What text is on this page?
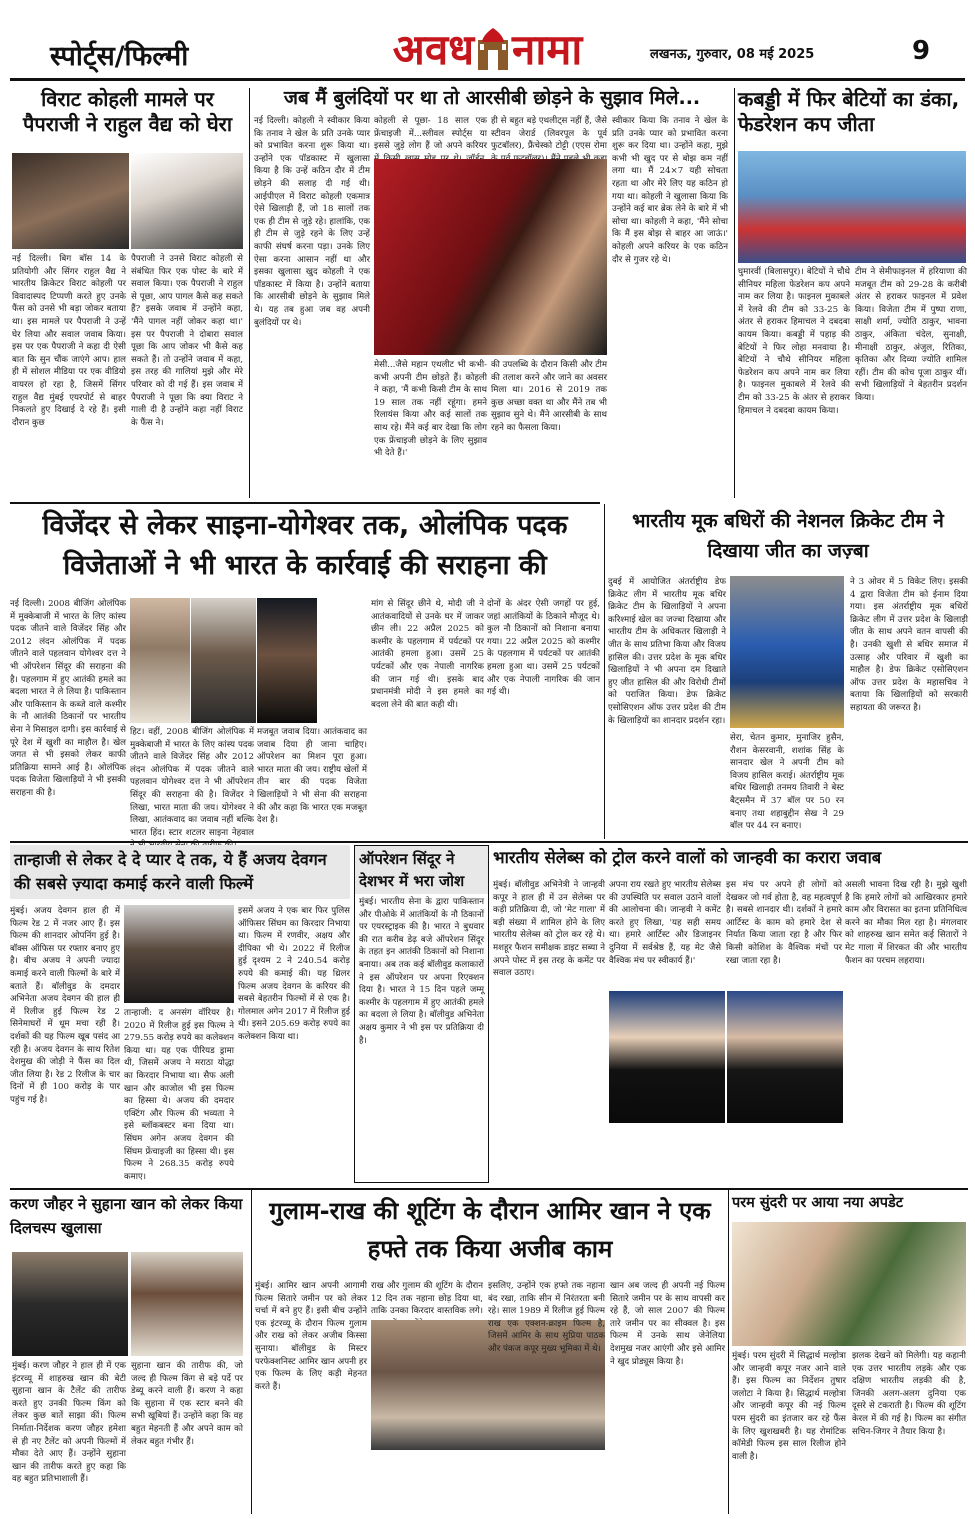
स्पोर्ट्स/फिल्मी	अवध नामा	लखनऊ, गुरुवार, 08 मई 2025	9
विराट कोहली मामले पर पैपराजी ने राहुल वैद्य को घेरा
नई दिल्ली। बिग बॉस 14 के प्रतियोगी और सिंगर राहुल वैद्य ने भारतीय क्रिकेटर विराट कोहली पर विवादास्पद टिप्पणी करते हुए उनके फैंस को उनसे भी बड़ा जोकर बताया था। इस मामले पर पैपराजी ने उन्हें घेर लिया और सवाल जवाब किया। इस पर एक पैपराजी ने कहा दी ऐसी बात कि सुन चौंक जाएंगे आप। हाल ही में सोशल मीडिया पर एक वीडियो वायरल हो रहा है, जिसमें सिंगर राहुल वैद्य मुंबई एयरपोर्ट से बाहर निकलते हुए दिखाई दे रहे हैं। इसी दौरान कुछ
पैपराजी ने उनसे विराट कोहली से संबंधित फिर एक पोस्ट के बारे में सवाल किया। एक पैपराजी ने राहुल से पूछा, आप पागल कैसे कह सकते हैं? इसके जवाब में उन्होंने कहा, 'मैंने पागल नहीं जोकर कहा था।' इस पर पैपराजी ने दोबारा सवाल पूछा कि आप जोकर भी कैसे कह सकते हैं। तो उन्होंने जवाब में कहा, इस तरह की गालियां मुझे और मेरे परिवार को दी गई हैं। इस जवाब में पैपराजी ने पूछा कि क्या विराट ने गाली दी है उन्होंने कहा नहीं विराट के फैंस ने।
जब मैं बुलंदियों पर था तो आरसीबी छोड़ने के सुझाव मिले...
नई दिल्ली। कोहली ने स्वीकार किया कि तनाव ने खेल के प्रति उनके प्यार को प्रभावित करना शुरू किया था। उन्होंने एक पॉडकास्ट में खुलासा किया है कि उन्हें कठिन दौर में टीम छोड़ने की सलाह दी गई थी। आईपीएल में विराट कोहली एकमात्र ऐसे खिलाड़ी हैं, जो 18 सालों तक एक ही टीम से जुड़े रहे। हालांकि, एक ही टीम से जुड़े रहने के लिए उन्हें काफी संघर्ष करना पड़ा। उनके लिए ऐसा करना आसान नहीं था और इसका खुलासा खुद कोहली ने एक पॉडकास्ट में किया है। उन्होंने बताया कि आरसीबी छोड़ने के सुझाव मिले थे। यह तब हुआ जब वह अपनी बुलंदियों पर थे।
कोहली से पूछा- 18 साल एक फ्रेंचाइजी में...स्लीवल स्पोर्ट्स या इससे जुड़े लोग हैं जो अपने करियर
ही से बहुत बड़े एथलीट्स नहीं हैं, जैसे स्टीवन जेरार्ड (लिवरपूल के पूर्व फुटबॉलर), फ्रैंचेस्को टोट्टी (एएस रोमा
मेसी...जैसे महान एथलीट भी कभी-कभी अपनी टीम छोड़ते हैं। कोहली ने कहा, 'मैं कभी किसी टीम के साथ 19 साल तक नहीं रहूंगा। हमने रिलायंस किया और कई सालों तक साथ रहे। मैंने कई बार देखा कि लोग एक फ्रेंचाइजी छोड़ने के लिए सुझाव भी देते हैं।'
की उपलब्धि के दौरान किसी और टीम की तलाश करने और जाने का अवसर मिला था। 2016 से 2019 तक कुछ अच्छा वक्त था और मैंने तब भी सुझाव सुने थे। मैंने आरसीबी के साथ रहने का फैसला किया।
स्वीकार किया कि तनाव ने खेल के प्रति उनके प्यार को प्रभावित करना शुरू कर दिया था। उन्होंने कहा, मुझे कभी भी खुद पर से बोझ कम नहीं लगा था। मैं 24×7 यही सोचता रहता था और मेरे लिए यह कठिन हो गया था। कोहली ने खुलासा किया कि उन्होंने कई बार ब्रेक लेने के बारे में भी सोचा था। कोहली ने कहा, 'मैंने सोचा कि मैं इस बोझ से बाहर आ जाऊं।' कोहली अपने करियर के एक कठिन दौर से गुजर रहे थे।
कबड्डी में फिर बेटियों का डंका, फेडरेशन कप जीता
घुमारवीं (बिलासपुर)। बेटियों ने चौथे सीनियर महिला फेडरेशन कप अपने नाम कर लिया है। फाइनल मुकाबले में रेलवे की टीम को 33-25 के अंतर से हराकर हिमाचल ने दबदबा कायम किया। कबड्डी में पहाड़ की बेटियों ने फिर लोहा मनवाया है। बेटियों ने चौथे सीनियर महिला फेडरेशन कप अपने नाम कर लिया है। फाइनल मुकाबले में रेलवे की टीम को 33-25 के अंतर से हराकर हिमाचल ने दबदबा कायम किया।
टीम ने सेमीफाइनल में हरियाणा की मजबूत टीम को 29-28 के करीबी अंतर से हराकर फाइनल में प्रवेश किया। विजेता टीम में पुष्पा राणा, साक्षी शर्मा, ज्योति ठाकुर, भावना ठाकुर, अंकिता चंदेल, सुनाक्षी, मीनाक्षी ठाकुर, अंजुल, रितिका, कृतिका और दिव्या ज्योति शामिल रहीं। टीम की कोच पूजा ठाकुर थीं। सभी खिलाड़ियों ने बेहतरीन प्रदर्शन किया।
विजेंदर से लेकर साइना-योगेश्वर तक, ओलंपिक पदक विजेताओं ने भी भारत के कार्रवाई की सराहना की
नई दिल्ली। 2008 बीजिंग ओलंपिक में मुक्केबाजी में भारत के लिए कांस्य पदक जीतने वाले विजेंदर सिंह और 2012 लंदन ओलंपिक में पदक जीतने वाले पहलवान योगेश्वर दत्त ने भी ऑपरेशन सिंदूर की सराहना की है। पहलगाम में हुए आतंकी हमले का बदला भारत ने ले लिया है। पाकिस्तान और पाकिस्तान के कब्जे वाले कश्मीर के नौ आतंकी ठिकानों पर भारतीय सेना ने मिसाइल दागी। इस कार्रवाई से पूरे देश में खुशी का माहौल है। खेल जगत से भी इसको लेकर काफी प्रतिक्रिया सामने आई है। ओलंपिक पदक विजेता खिलाड़ियों ने भी इसकी सराहना की है।
हिट। वहीं, 2008 बीजिंग ओलंपिक में मुक्केबाजी में भारत के लिए कांस्य पदक जीतने वाले विजेंदर सिंह और 2012 लंदन ओलंपिक में पदक जीतने वाले पहलवान योगेश्वर दत्त ने भी ऑपरेशन सिंदूर की सराहना की है। विजेंदर ने लिखा, भारत माता की जय। योगेश्वर ने लिखा, आतंकवाद का जवाब नहीं बल्कि भारत हिंद। स्टार शटलर साइना नेहवाल
मजबूत जवाब दिया। आतंकवाद का जवाब दिया ही जाना चाहिए। ऑपरेशन का मिशन पूरा हुआ। भारत माता की जय। राष्ट्रीय खेलों में तीन बार की पदक विजेता खिलाड़ियों ने भी सेना की सराहना की और कहा कि भारत एक मजबूत देश है।
मांग से सिंदूर छीने थे, मोदी जी ने आतंकवादियों से उनके घर में जाकर छीन ली। 22 अप्रैल 2025 को कश्मीर के पहलगाम में पर्यटकों पर आतंकी हमला हुआ। उसमें 25 पर्यटकों और एक नेपाली नागरिक की जान गई थी। इसके बाद प्रधानमंत्री मोदी ने इस हमले का बदला लेने की बात कही थी।
दोनों के अंदर ऐसी जगहों पर हुई, जहां आतंकियों के ठिकाने मौजूद थे। कुल नौ ठिकानों को निशाना बनाया गया। 22 अप्रैल 2025 को कश्मीर के पहलगाम में पर्यटकों पर आतंकी हमला हुआ था। उसमें 25 पर्यटकों और एक नेपाली नागरिक की जान गई थी।
भारतीय मूक बधिरों की नेशनल क्रिकेट टीम ने दिखाया जीत का जज़्बा
दुबई में आयोजित अंतर्राष्ट्रीय डेफ क्रिकेट लीग में भारतीय मूक बधिर क्रिकेट टीम के खिलाड़ियों ने अपना करिश्माई खेल का जज्बा दिखाया और भारतीय टीम के अधिकतर खिलाड़ी ने जीत के साथ प्रतिभा किया और विजय हासिल की। उत्तर प्रदेश के मूक बधिर खिलाड़ियों ने भी अपना दम दिखाते हुए जीत हासिल की और विरोधी टीमों को पराजित किया। डेफ क्रिकेट एसोसिएशन ऑफ उत्तर प्रदेश की टीम के खिलाड़ियों का शानदार प्रदर्शन रहा।
सेरा, चेतन कुमार, मुनाजिर हुसैन, रौशन केसरवानी, शशांक सिंह के सानदार खेल ने अपनी टीम को विजय हासिल कराई। अंतर्राष्ट्रीय मूक बधिर खिलाड़ी तनमय तिवारी ने बेस्ट बैट्समैन में 37 बॉल पर 50 रन बनाए तथा शहाबुद्दीन सेख ने 29 बॉल पर 44 रन बनाए।
ने 3 ओवर में 5 विकेट लिए। इसकी 4 द्वारा विजेता टीम को ईनाम दिया गया। इस अंतर्राष्ट्रीय मूक बधिरों क्रिकेट लीग में उत्तर प्रदेश के खिलाड़ी जीत के साथ अपने वतन वापसी की है। उनकी खुशी से बधिर समाज में उत्साह और परिवार में खुशी का माहौल है। डेफ क्रिकेट एसोसिएशन ऑफ उत्तर प्रदेश के महासचिव ने बताया कि खिलाड़ियों को सरकारी सहायता की जरूरत है।
तान्हाजी से लेकर दे दे प्यार दे तक, ये हैं अजय देवगन की सबसे ज़्यादा कमाई करने वाली फिल्में
मुंबई। अजय देवगन हाल ही में फिल्म रेड 2 में नजर आए हैं। इस फिल्म की शानदार ओपनिंग हुई है। बॉक्स ऑफिस पर रफ्तार बनाए हुए है। बीच अजय ने अपनी ज्यादा कमाई करने वाली फिल्मों के बारे में बताते हैं। बॉलीवुड के दमदार अभिनेता अजय देवगन की हाल ही में रिलीज हुई फिल्म रेड 2 सिनेमाघरों में धूम मचा रही है। दर्शकों की यह फिल्म खूब पसंद आ रही है। अजय देवगन के साथ रितेश देशमुख की जोड़ी ने फैंस का दिल जीत लिया है। रेड 2 रिलीज के चार दिनों में ही 100 करोड़ के पार पहुंच गई है।
तान्हाजी: द अनसंग वॉरियर है। 2020 में रिलीज हुई इस फिल्म ने 279.55 करोड़ रुपये का कलेक्शन किया था। यह एक पीरियड ड्रामा थी, जिसमें अजय ने मराठा योद्धा का किरदार निभाया था। सैफ अली खान और काजोल भी इस फिल्म का हिस्सा थे। अजय की दमदार एक्टिंग और फिल्म की भव्यता ने इसे ब्लॉकबस्टर बना दिया था। सिंघम अगेन अजय देवगन की सिंघम फ्रेंचाइजी का हिस्सा थी। इस फिल्म ने 268.35 करोड़ रुपये कमाए।
इसमें अजय ने एक बार फिर पुलिस ऑफिसर सिंघम का किरदार निभाया था। फिल्म में रणवीर, अक्षय और दीपिका भी थे। 2022 में रिलीज हुई दृश्यम 2 ने 240.54 करोड़ रुपये की कमाई की। यह थ्रिलर फिल्म अजय देवगन के करियर की सबसे बेहतरीन फिल्मों में से एक है। गोलमाल अगेन 2017 में रिलीज हुई थी। इसने 205.69 करोड़ रुपये का कलेक्शन किया था।
ऑपरेशन सिंदूर ने देशभर में भरा जोश
मुंबई। भारतीय सेना के द्वारा पाकिस्तान और पीओके में आतंकियों के नौ ठिकानों पर एयरस्ट्राइक की है। भारत ने बुधवार की रात करीब डेढ़ बजे ऑपरेशन सिंदूर के तहत इन आतंकी ठिकानों को निशाना बनाया। अब तक कई बॉलीवुड कलाकारों ने इस ऑपरेशन पर अपना रिएक्शन दिया है। भारत ने 15 दिन पहले जम्मू कश्मीर के पहलगाम में हुए आतंकी हमले का बदला ले लिया है। बॉलीवुड अभिनेता अक्षय कुमार ने भी इस पर प्रतिक्रिया दी है।
भारतीय सेलेब्स को ट्रोल करने वालों को जान्हवी का करारा जवाब
मुंबई। बॉलीवुड अभिनेत्री ने जान्हवी कपूर ने हाल ही में उन सेलेब्स पर कड़ी प्रतिक्रिया दी, जो 'मेट गाला' में बड़ी संख्या में शामिल होने के लिए भारतीय सेलेब्स को ट्रोल कर रहे थे। मशहूर फैशन समीक्षक डाइट सब्या ने अपने पोस्ट में इस तरह के कमेंट पर सवाल उठाए।
अपना राय रखते हुए भारतीय सेलेब्स की उपस्थिति पर सवाल उठाने वालों की आलोचना की। जान्हवी ने कमेंट करते हुए लिखा, 'यह सही समय था। हमारे आर्टिस्ट और डिजाइनर दुनिया में सर्वश्रेष्ठ हैं, यह मेट जैसे वैश्विक मंच पर स्वीकार्य हैं।'
इस मंच पर अपने ही लोगों को देखकर जो गर्व होता है, वह महत्वपूर्ण है। सबसे शानदार थी। दर्शकों ने हमारे आर्टिस्ट के काम को हमारे देश से निर्यात किया जाता रहा है और फिर किसी कोशिश के वैश्विक मंचों पर रखा जाता रहा है।
असली भावना दिख रही है। मुझे खुशी है कि हमारे लोगों को आखिरकार हमारे काम और विरासत का इतना प्रतिनिधित्व करने का मौका मिल रहा है। मंगलवार को शाहरुख खान समेत कई सितारों ने मेट गाला में शिरकत की और भारतीय फैशन का परचम लहराया।
करण जौहर ने सुहाना खान को लेकर किया दिलचस्प खुलासा
मुंबई। करण जौहर ने हाल ही में एक इंटरव्यू में शाहरुख खान की बेटी सुहाना खान के टैलेंट की तारीफ करते हुए उनकी फिल्म किंग को लेकर कुछ बातें साझा कीं। फिल्म निर्माता-निर्देशक करण जौहर हमेशा से ही नए टैलेंट को अपनी फिल्मों में मौका देते आए हैं। उन्होंने सुहाना खान की तारीफ करते हुए कहा कि वह बहुत प्रतिभाशाली हैं।
सुहाना खान की तारीफ की, जो जल्द ही फिल्म किंग से बड़े पर्दे पर डेब्यू करने वाली हैं। करण ने कहा कि सुहाना में एक स्टार बनने की सभी खूबियां हैं। उन्होंने कहा कि वह बहुत मेहनती हैं और अपने काम को लेकर बहुत गंभीर हैं।
गुलाम-राख की शूटिंग के दौरान आमिर खान ने एक हफ्ते तक किया अजीब काम
मुंबई। आमिर खान अपनी आगामी फिल्म सितारे जमीन पर को लेकर चर्चा में बने हुए हैं। इसी बीच उन्होंने एक इंटरव्यू के दौरान फिल्म गुलाम और राख को लेकर अजीब किस्सा सुनाया। बॉलीवुड के मिस्टर परफेक्शनिस्ट आमिर खान अपनी हर एक फिल्म के लिए कड़ी मेहनत करते हैं।
राख और गुलाम की शूटिंग के दौरान 12 दिन तक नहाना छोड़ दिया था, ताकि उनका किरदार वास्तविक लगे।
इसलिए, उन्होंने एक हफ्ते तक नहाना बंद रखा, ताकि सीन में निरंतरता बनी रहे। साल 1989 में रिलीज हुई फिल्म राख एक एक्शन-क्राइम फिल्म है, जिसमें आमिर के साथ सुप्रिया पाठक और पंकज कपूर मुख्य भूमिका में थे।
खान अब जल्द ही अपनी नई फिल्म सितारे जमीन पर के साथ वापसी कर रहे हैं, जो साल 2007 की फिल्म तारे जमीन पर का सीक्वल है। इस फिल्म में उनके साथ जेनेलिया देशमुख नजर आएंगी और इसे आमिर ने खुद प्रोड्यूस किया है।
परम सुंदरी पर आया नया अपडेट
मुंबई। परम सुंदरी में सिद्धार्थ मल्होत्रा और जान्हवी कपूर नजर आने वाले हैं। इस फिल्म का निर्देशन तुषार जलोटा ने किया है। सिद्धार्थ मल्होत्रा और जान्हवी कपूर की नई फिल्म परम सुंदरी का इंतजार कर रहे फैंस के लिए खुशखबरी है। यह रोमांटिक कॉमेडी फिल्म इस साल रिलीज होने वाली है।
झलक देखने को मिलेगी। यह कहानी एक उत्तर भारतीय लड़के और एक दक्षिण भारतीय लड़की की है, जिनकी अलग-अलग दुनिया एक दूसरे से टकराती है। फिल्म की शूटिंग केरल में की गई है। फिल्म का संगीत सचिन-जिगर ने तैयार किया है।
